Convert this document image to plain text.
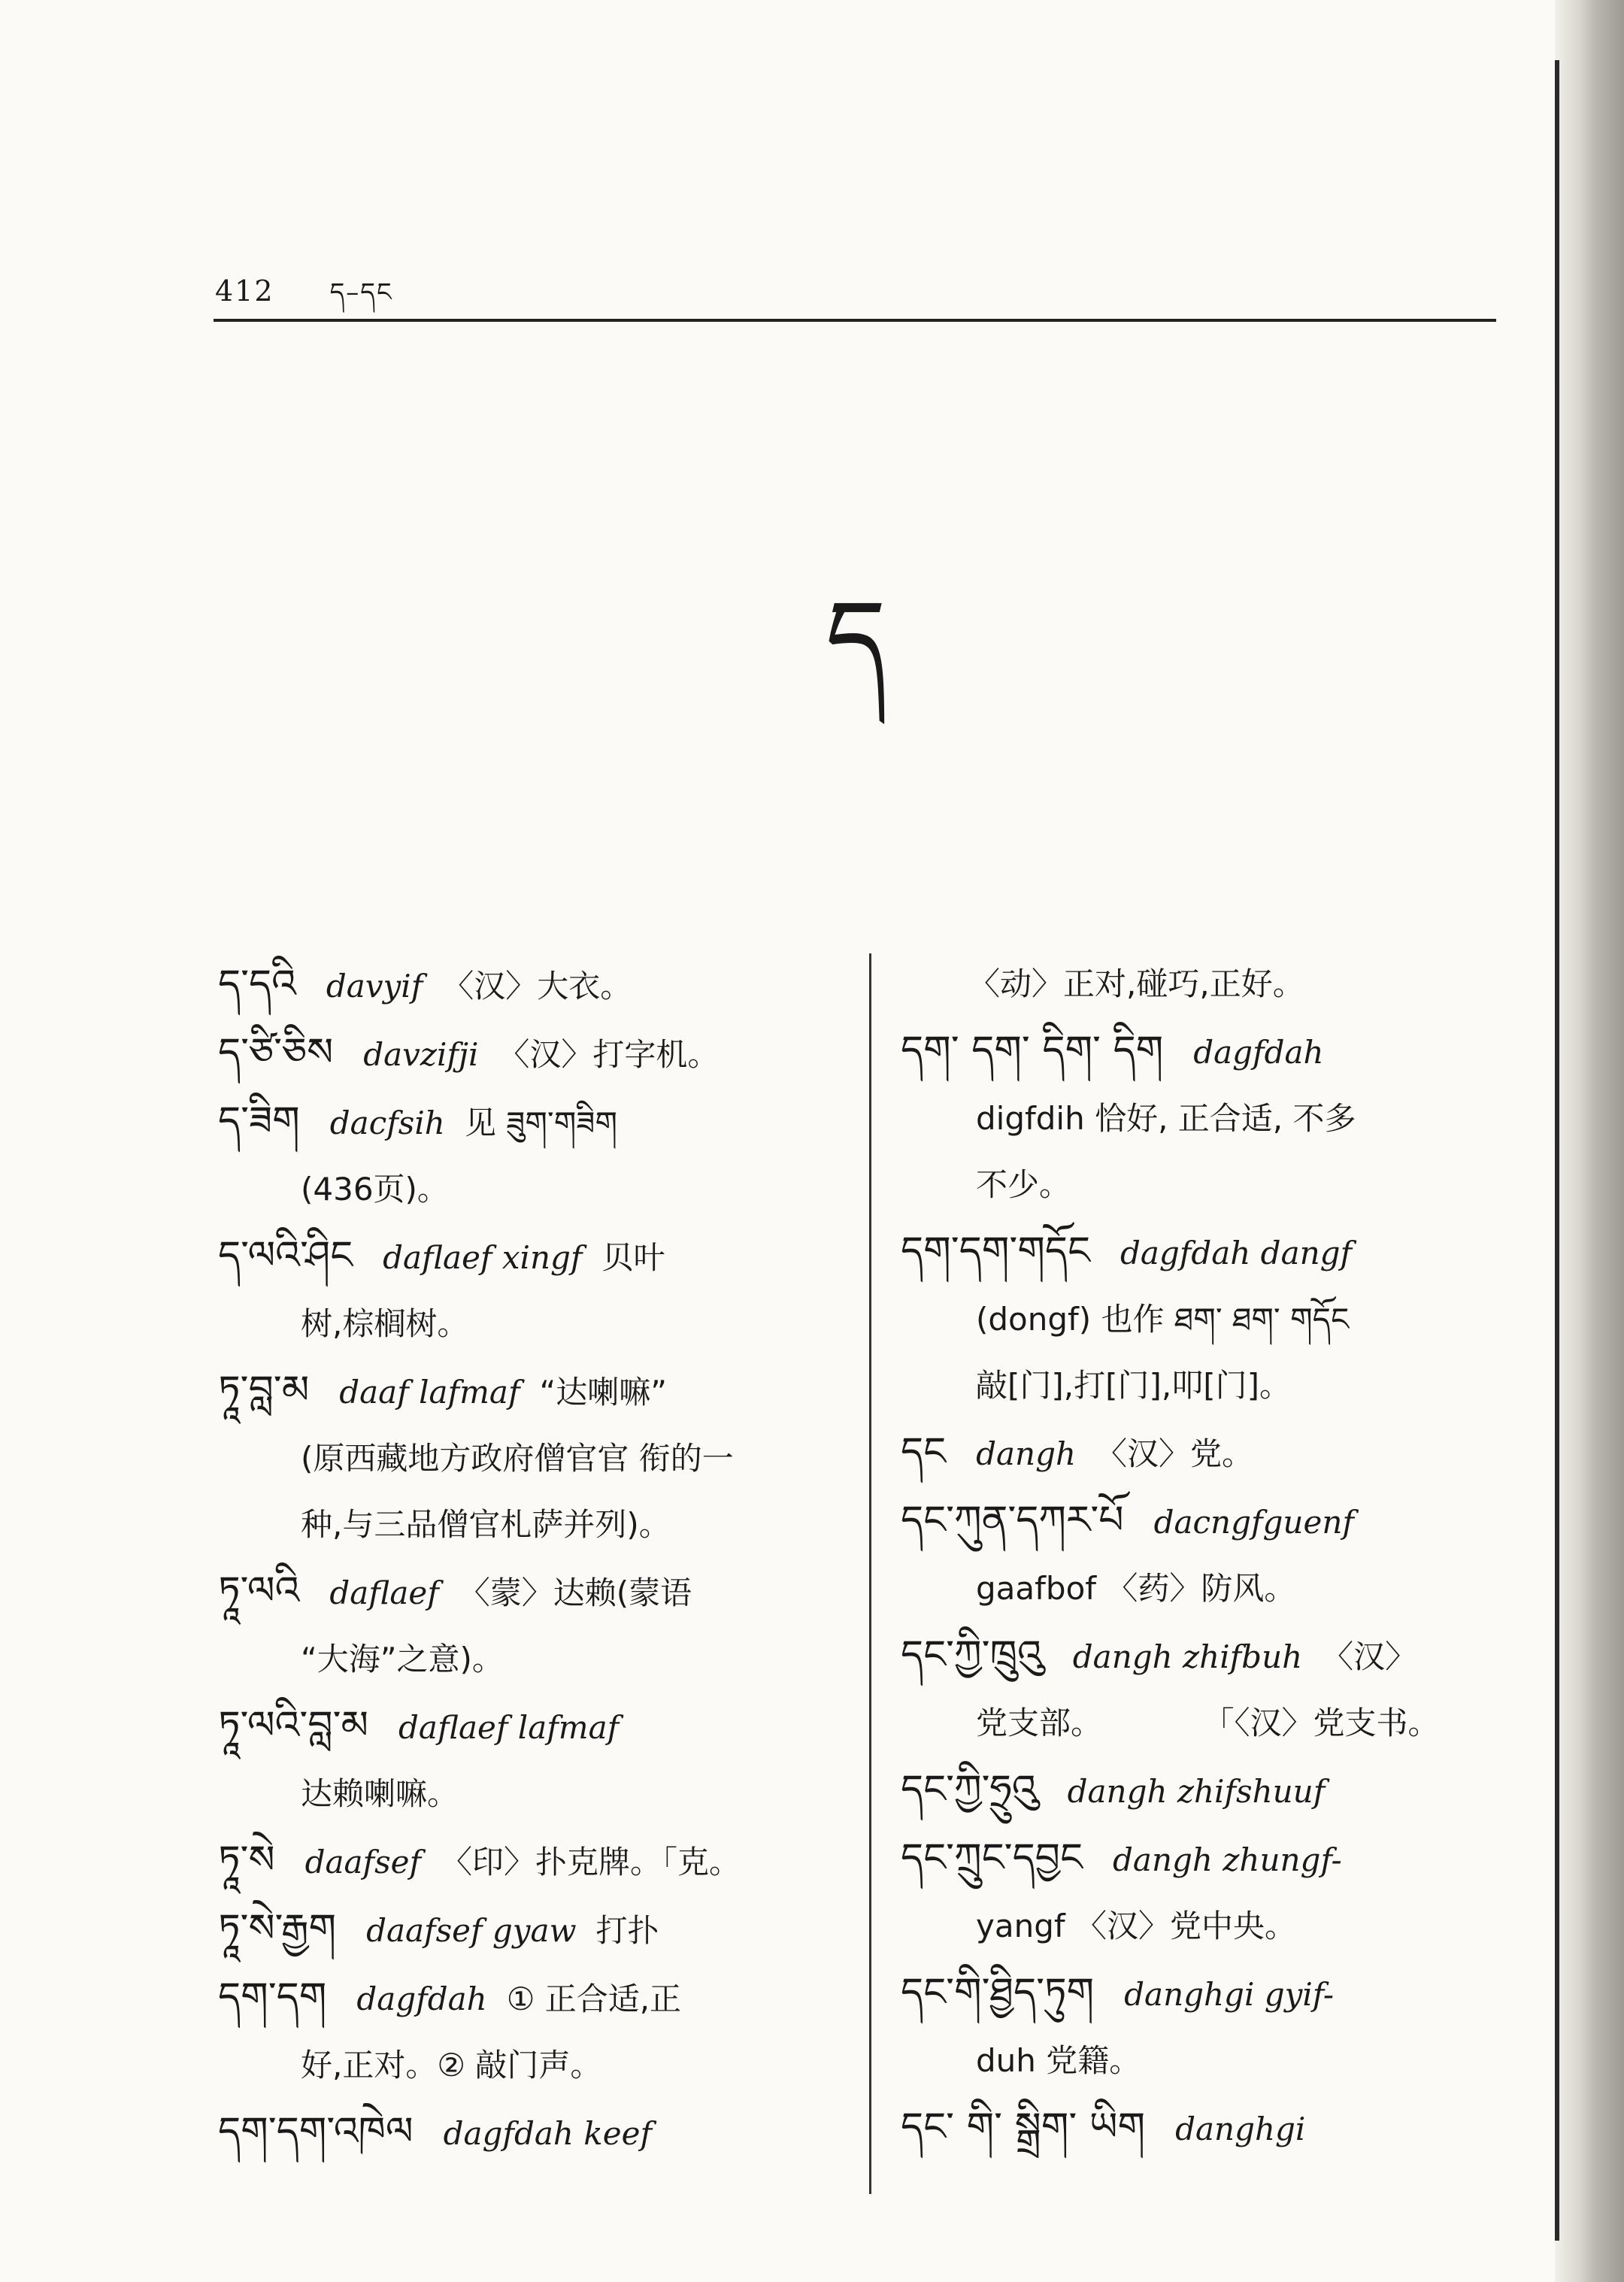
412 ད–དང
ད
ད་དའི davyif 〈汉〉大衣。
ད་ཙི་ཅིས davzifji 〈汉〉打字机。
ད་ཟིག dacfsih 见 ཟུག་གཟིག
(436页)。
ད་ལའི་ཤིང daflaef xingf 贝叶
树,棕榈树。
ཏཱ་བླ་མ daaf lafmaf “达喇嘛”
(原西藏地方政府僧官官 衔的一
种,与三品僧官札萨并列)。
ཏཱ་ལའི daflaef 〈蒙〉达赖(蒙语
“大海”之意)。
ཏཱ་ལའི་བླ་མ daflaef lafmaf
达赖喇嘛。
ཏཱ་སེ daafsef 〈印〉扑克牌。「克。
ཏཱ་སེ་རྒྱག daafsef gyaw 打扑
དག་དག dagfdah ① 正合适,正
好,正对。② 敲门声。
དག་དག་འཁེལ dagfdah keef
〈动〉正对,碰巧,正好。
དག་ དག་ དིག་ དིག dagfdah
digfdih 恰好, 正合适, 不多
不少。
དག་དག་གདོང dagfdah dangf
(dongf) 也作 ཐག་ ཐག་ གདོང
敲[门],打[门],叩[门]。
དང dangh 〈汉〉党。
དང་ཀུན་དཀར་པོ dacngfguenf
gaafbof 〈药〉防风。
དང་ཀྱི་ཁྲུའུ dangh zhifbuh 〈汉〉
党支部。          「〈汉〉党支书。
དང་ཀྱི་ཧྲུའུ dangh zhifshuuf
དང་ཀྲུང་དབྱང dangh zhungf-
yangf 〈汉〉党中央。
དང་གི་ཐྱིད་ཏུག danghgi gyif-
duh 党籍。
དང་ གི་ སྒྲིག་ ཡིག danghgi
